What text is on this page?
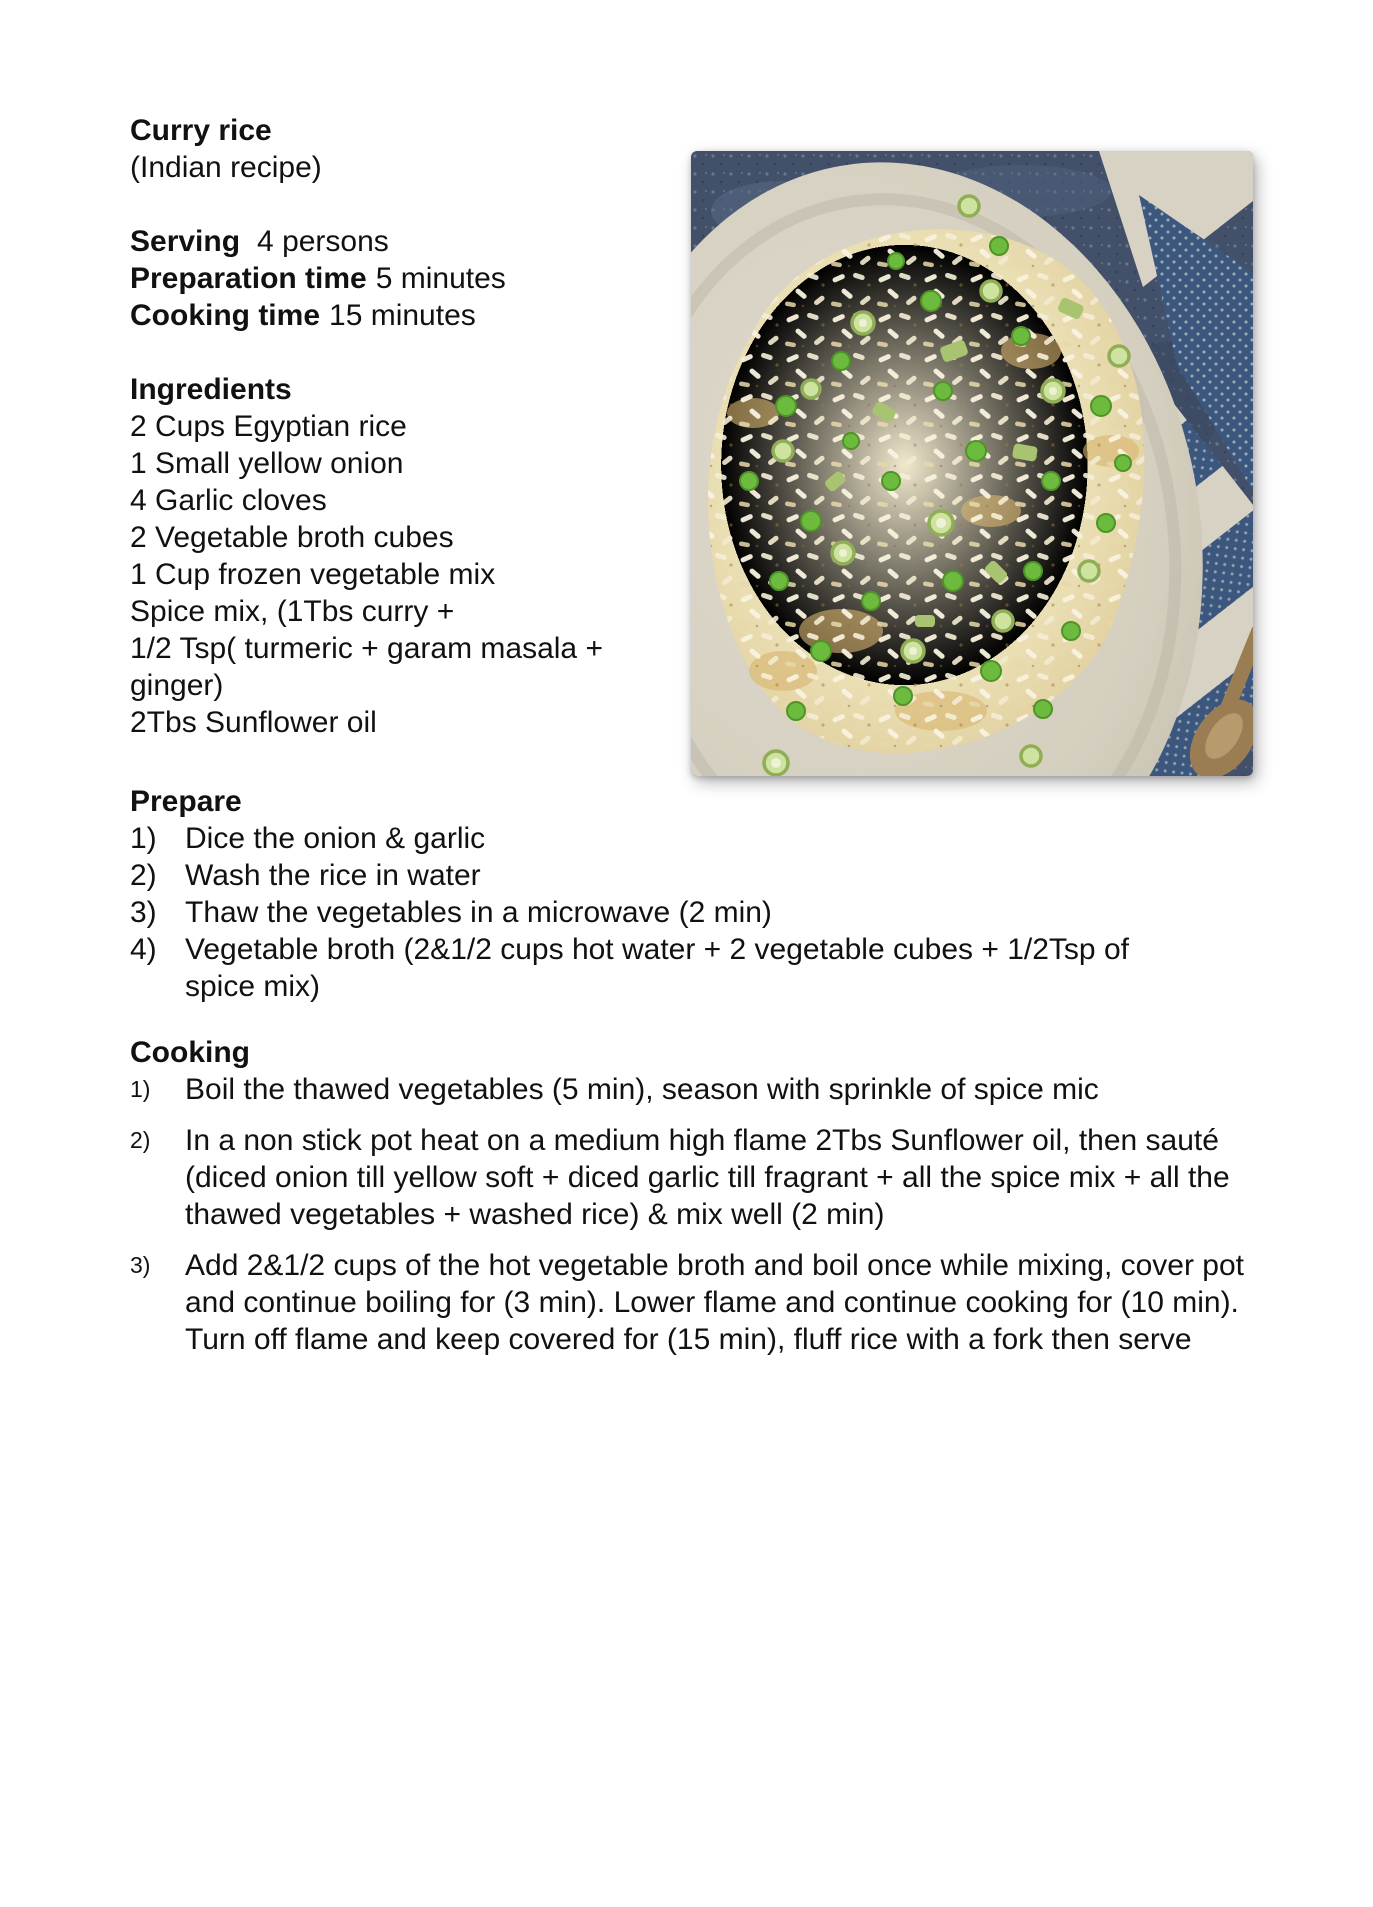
Curry rice
(Indian recipe)
Serving 4 persons
Preparation time 5 minutes
Cooking time 15 minutes
Ingredients
2 Cups Egyptian rice
1 Small yellow onion
4 Garlic cloves
2 Vegetable broth cubes
1 Cup frozen vegetable mix
Spice mix, (1Tbs curry +
1/2 Tsp( turmeric + garam masala +
ginger)
2Tbs Sunflower oil
Prepare
1) Dice the onion & garlic
2) Wash the rice in water
3) Thaw the vegetables in a microwave (2 min)
4) Vegetable broth (2&1/2 cups hot water + 2 vegetable cubes + 1/2Tsp of spice mix)
Cooking
1)	Boil the thawed vegetables (5 min), season with sprinkle of spice mic
2)	In a non stick pot heat on a medium high flame 2Tbs Sunflower oil, then sauté (diced onion till yellow soft + diced garlic till fragrant + all the spice mix + all the thawed vegetables + washed rice) & mix well (2 min)
3)	Add 2&1/2 cups of the hot vegetable broth and boil once while mixing, cover pot and continue boiling for (3 min). Lower flame and continue cooking for (10 min). Turn off flame and keep covered for (15 min), fluff rice with a fork then serve
